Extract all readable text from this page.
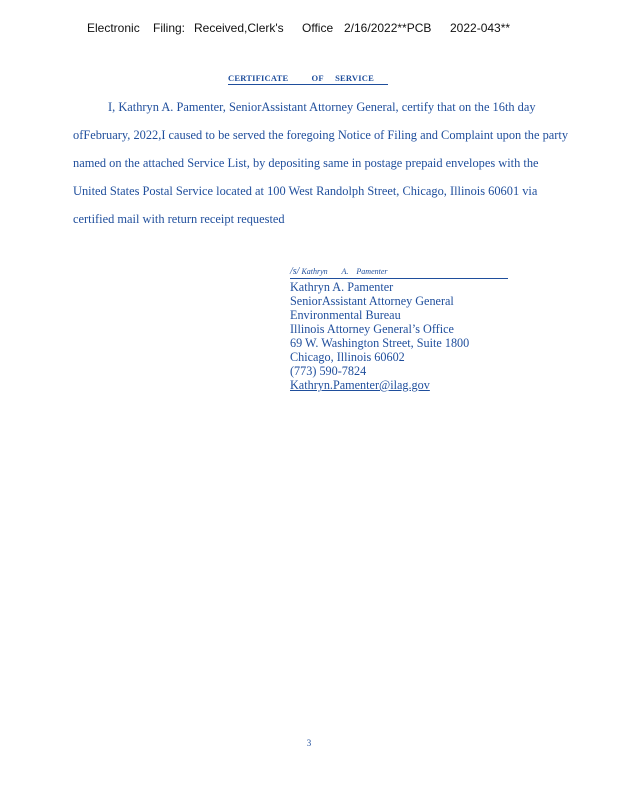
Electronic Filing: Received,Clerk's Office 2/16/2022**PCB 2022-043**
CERTIFICATE          OF     SERVICE
I, Kathryn A. Pamenter, SeniorAssistant Attorney General, certify that on the 16th day
ofFebruary, 2022,I caused to be served the foregoing Notice of Filing and Complaint upon the party
named on the attached Service List, by depositing same in postage prepaid envelopes with the
United States Postal Service located at 100 West Randolph Street, Chicago, Illinois 60601 via
certified mail with return receipt requested
/s/ Kathryn       A.    Pamenter
Kathryn A. Pamenter
SeniorAssistant Attorney General
Environmental Bureau
Illinois Attorney General’s Office
69 W. Washington Street, Suite 1800
Chicago, Illinois 60602
(773) 590-7824
Kathryn.Pamenter@ilag.gov
3
